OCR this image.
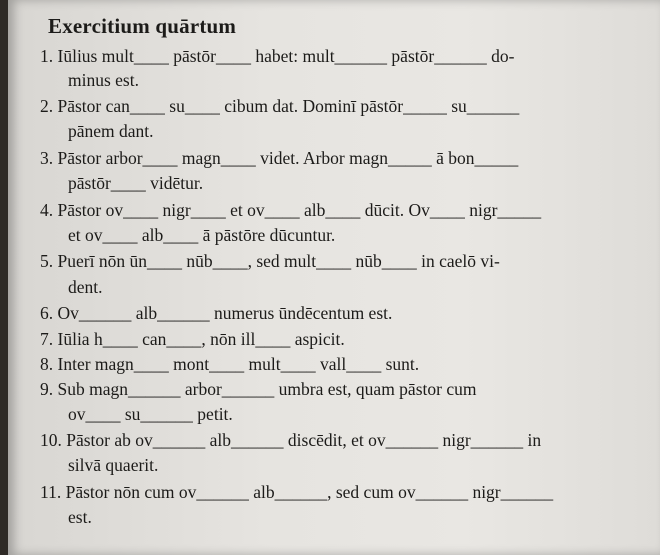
Exercitium quārtum
1. Iūlius mult____ pāstōr____ habet: mult______ pāstōr______ do-
minus est.
2. Pāstor can____ su____ cibum dat. Dominī pāstōr_____ su______
pānem dant.
3. Pāstor arbor____ magn____ videt. Arbor magn_____ ā bon_____
pāstōr____ vidētur.
4. Pāstor ov____ nigr____ et ov____ alb____ dūcit. Ov____ nigr_____
et ov____ alb____ ā pāstōre dūcuntur.
5. Puerī nōn ūn____ nūb____, sed mult____ nūb____ in caelō vi-
dent.
6. Ov______ alb______ numerus ūndēcentum est.
7. Iūlia h____ can____, nōn ill____ aspicit.
8. Inter magn____ mont____ mult____ vall____ sunt.
9. Sub magn______ arbor______ umbra est, quam pāstor cum
ov____ su______ petit.
10. Pāstor ab ov______ alb______ discēdit, et ov______ nigr______ in
silvā quaerit.
11. Pāstor nōn cum ov______ alb______, sed cum ov______ nigr______
est.
